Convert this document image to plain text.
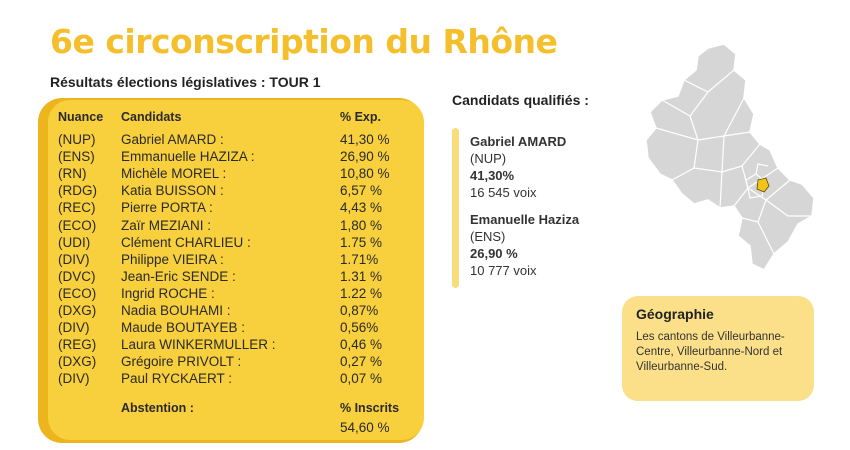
6e circonscription du Rhône
Résultats élections législatives : TOUR 1
Nuance Candidats	% Exp.
(NUP) Gabriel AMARD :	41,30 %
(ENS) Emmanuelle HAZIZA :	26,90 %
(RN)	Michèle MOREL :	10,80 %
(RDG) Katia BUISSON :	6,57 %
(REC) Pierre PORTA :	4,43 %
(ECO) Zaïr MEZIANI :	1,80 %
(UDI) Clément CHARLIEU :	1.75 %
(DIV) Philippe VIEIRA :	1.71%
(DVC) Jean-Eric SENDE :	1.31 %
(ECO) Ingrid ROCHE :	1.22 %
(DXG) Nadia BOUHAMI :	0,87%
(DIV) Maude BOUTAYEB :	0,56%
(REG) Laura WINKERMULLER :	0,46 %
(DXG) Grégoire PRIVOLT :	0,27 %
(DIV) Paul RYCKAERT :	0,07 %
Abstention :	% Inscrits
54,60 %
Candidats qualifiés :
Gabriel AMARD
(NUP)
41,30%
16 545 voix
Emanuelle Haziza
(ENS)
26,90 %
10 777 voix
Géographie
Les cantons de Villeurbanne-Centre, Villeurbanne-Nord et Villeurbanne-Sud.
